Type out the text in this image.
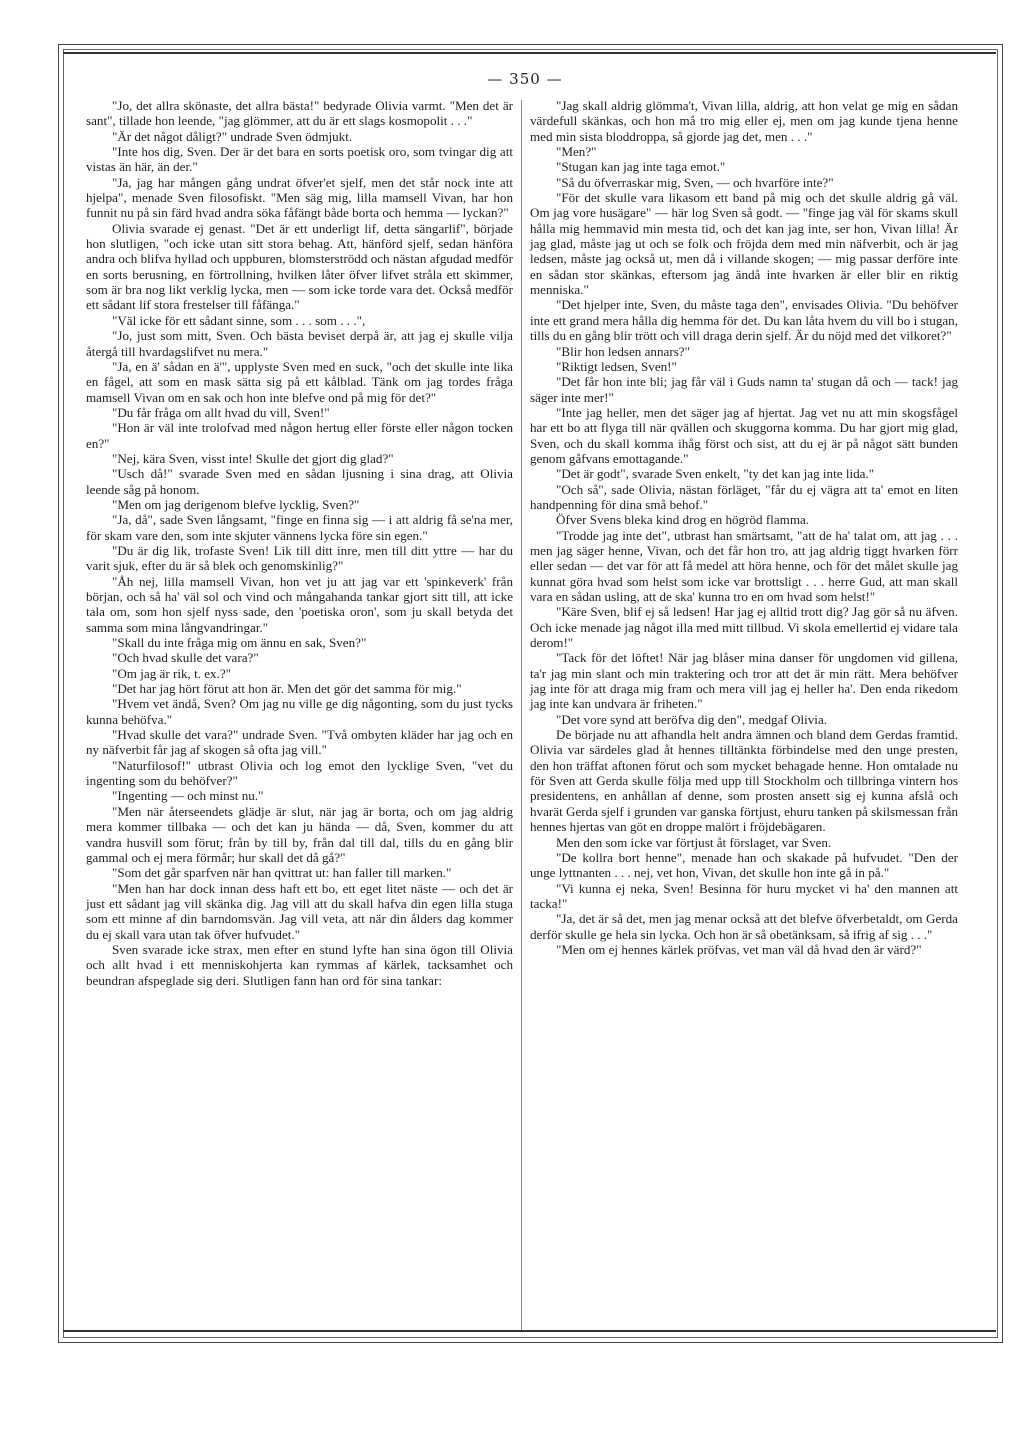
— 350 —

"Jo, det allra skönaste, det allra bästa!" bedyrade Olivia varmt. "Men det är sant", tillade hon leende, "jag glömmer, att du är ett slags kosmopolit . . ."

"Är det något dåligt?" undrade Sven ödmjukt.

"Inte hos dig, Sven. Der är det bara en sorts poetisk oro, som tvingar dig att vistas än här, än der."

"Ja, jag har mången gång undrat öfver'et sjelf, men det står nock inte att hjelpa", menade Sven filosofiskt. "Men säg mig, lilla mamsell Vivan, har hon funnit nu på sin färd hvad andra söka fåfängt både borta och hemma — lyckan?"

Olivia svarade ej genast. "Det är ett underligt lif, detta sängarlif", började hon slutligen, "och icke utan sitt stora behag. Att, hänförd sjelf, sedan hänföra andra och blifva hyllad och uppburen, blomsterströdd och nästan afgudad medför en sorts berusning, en förtrollning, hvilken låter öfver lifvet stråla ett skimmer, som är bra nog likt verklig lycka, men — som icke torde vara det. Också medför ett sådant lif stora frestelser till fåfänga."

"Väl icke för ett sådant sinne, som . . . som . . .",

"Jo, just som mitt, Sven. Och bästa beviset derpå är, att jag ej skulle vilja återgå till hvardagslifvet nu mera."

"Ja, en ä' sådan en ä'", upplyste Sven med en suck, "och det skulle inte lika en fågel, att som en mask sätta sig på ett kålblad. Tänk om jag tordes fråga mamsell Vivan om en sak och hon inte blefve ond på mig för det?"

"Du får fråga om allt hvad du vill, Sven!"

"Hon är väl inte trolofvad med någon hertug eller förste eller någon tocken en?"

"Nej, kära Sven, visst inte! Skulle det gjort dig glad?"

"Usch då!" svarade Sven med en sådan ljusning i sina drag, att Olivia leende såg på honom.

"Men om jag derigenom blefve lycklig, Sven?"

"Ja, då", sade Sven långsamt, "finge en finna sig — i att aldrig få se'na mer, för skam vare den, som inte skjuter vännens lycka före sin egen."

"Du är dig lik, trofaste Sven! Lik till ditt inre, men till ditt yttre — har du varit sjuk, efter du är så blek och genomskinlig?"

"Åh nej, lilla mamsell Vivan, hon vet ju att jag var ett 'spinkeverk' från början, och så ha' väl sol och vind och mångahanda tankar gjort sitt till, att icke tala om, som hon sjelf nyss sade, den 'poetiska oron', som ju skall betyda det samma som mina långvandringar."

"Skall du inte fråga mig om ännu en sak, Sven?"

"Och hvad skulle det vara?"

"Om jag är rik, t. ex.?"

"Det har jag hört förut att hon är. Men det gör det samma för mig."

"Hvem vet ändå, Sven? Om jag nu ville ge dig någonting, som du just tycks kunna behöfva."

"Hvad skulle det vara?" undrade Sven. "Två ombyten kläder har jag och en ny näfverbit får jag af skogen så ofta jag vill."

"Naturfilosof!" utbrast Olivia och log emot den lycklige Sven, "vet du ingenting som du behöfver?"

"Ingenting — och minst nu."

"Men när återseendets glädje är slut, när jag är borta, och om jag aldrig mera kommer tillbaka — och det kan ju hända — då, Sven, kommer du att vandra husvill som förut; från by till by, från dal till dal, tills du en gång blir gammal och ej mera förmår; hur skall det då gå?"

"Som det går sparfven när han qvittrat ut: han faller till marken."

"Men han har dock innan dess haft ett bo, ett eget litet näste — och det är just ett sådant jag vill skänka dig. Jag vill att du skall hafva din egen lilla stuga som ett minne af din barndomsvän. Jag vill veta, att när din ålders dag kommer du ej skall vara utan tak öfver hufvudet."

Sven svarade icke strax, men efter en stund lyfte han sina ögon till Olivia och allt hvad i ett menniskohjerta kan rymmas af kärlek, tacksamhet och beundran afspeglade sig deri. Slutligen fann han ord för sina tankar:

"Jag skall aldrig glömma't, Vivan lilla, aldrig, att hon velat ge mig en sådan värdefull skänkas, och hon må tro mig eller ej, men om jag kunde tjena henne med min sista bloddroppa, så gjorde jag det, men . . ."

"Men?"

"Stugan kan jag inte taga emot."

"Så du öfverraskar mig, Sven, — och hvarföre inte?"

"För det skulle vara likasom ett band på mig och det skulle aldrig gå väl. Om jag vore husägare" — här log Sven så godt. — "finge jag väl för skams skull hålla mig hemmavid min mesta tid, och det kan jag inte, ser hon, Vivan lilla! Är jag glad, måste jag ut och se folk och fröjda dem med min näfverbit, och är jag ledsen, måste jag också ut, men då i villande skogen; — mig passar derföre inte en sådan stor skänkas, eftersom jag ändå inte hvarken är eller blir en riktig menniska."

"Det hjelper inte, Sven, du måste taga den", envisades Olivia. "Du behöfver inte ett grand mera hålla dig hemma för det. Du kan låta hvem du vill bo i stugan, tills du en gång blir trött och vill draga derin sjelf. Är du nöjd med det vilkoret?"

"Blir hon ledsen annars?"

"Riktigt ledsen, Sven!"

"Det får hon inte bli; jag får väl i Guds namn ta' stugan då och — tack! jag säger inte mer!"

"Inte jag heller, men det säger jag af hjertat. Jag vet nu att min skogsfågel har ett bo att flyga till när qvällen och skuggorna komma. Du har gjort mig glad, Sven, och du skall komma ihåg först och sist, att du ej är på något sätt bunden genom gåfvans emottagande."

"Det är godt", svarade Sven enkelt, "ty det kan jag inte lida."

"Och så", sade Olivia, nästan förläget, "får du ej vägra att ta' emot en liten handpenning för dina små behof."

Öfver Svens bleka kind drog en högröd flamma.

"Trodde jag inte det", utbrast han smärtsamt, "att de ha' talat om, att jag . . . men jag säger henne, Vivan, och det får hon tro, att jag aldrig tiggt hvarken förr eller sedan — det var för att få medel att höra henne, och för det målet skulle jag kunnat göra hvad som helst som icke var brottsligt . . . herre Gud, att man skall vara en sådan usling, att de ska' kunna tro en om hvad som helst!"

"Käre Sven, blif ej så ledsen! Har jag ej alltid trott dig? Jag gör så nu äfven. Och icke menade jag något illa med mitt tillbud. Vi skola emellertid ej vidare tala derom!"

"Tack för det löftet! När jag blåser mina danser för ungdomen vid gillena, ta'r jag min slant och min traktering och tror att det är min rätt. Mera behöfver jag inte för att draga mig fram och mera vill jag ej heller ha'. Den enda rikedom jag inte kan undvara är friheten."

"Det vore synd att beröfva dig den", medgaf Olivia.

De började nu att afhandla helt andra ämnen och bland dem Gerdas framtid. Olivia var särdeles glad åt hennes tilltänkta förbindelse med den unge presten, den hon träffat aftonen förut och som mycket behagade henne. Hon omtalade nu för Sven att Gerda skulle följa med upp till Stockholm och tillbringa vintern hos presidentens, en anhållan af denne, som prosten ansett sig ej kunna afslå och hvarät Gerda sjelf i grunden var ganska förtjust, ehuru tanken på skilsmessan från hennes hjertas van göt en droppe malört i fröjdebägaren.

Men den som icke var förtjust åt förslaget, var Sven.

"De kollra bort henne", menade han och skakade på hufvudet. "Den der unge lyttnanten . . . nej, vet hon, Vivan, det skulle hon inte gå in på."

"Vi kunna ej neka, Sven! Besinna för huru mycket vi ha' den mannen att tacka!"

"Ja, det är så det, men jag menar också att det blefve öfverbetaldt, om Gerda derför skulle ge hela sin lycka. Och hon är så obetänksam, så ifrig af sig . . ."

"Men om ej hennes kärlek pröfvas, vet man väl då hvad den är värd?"
